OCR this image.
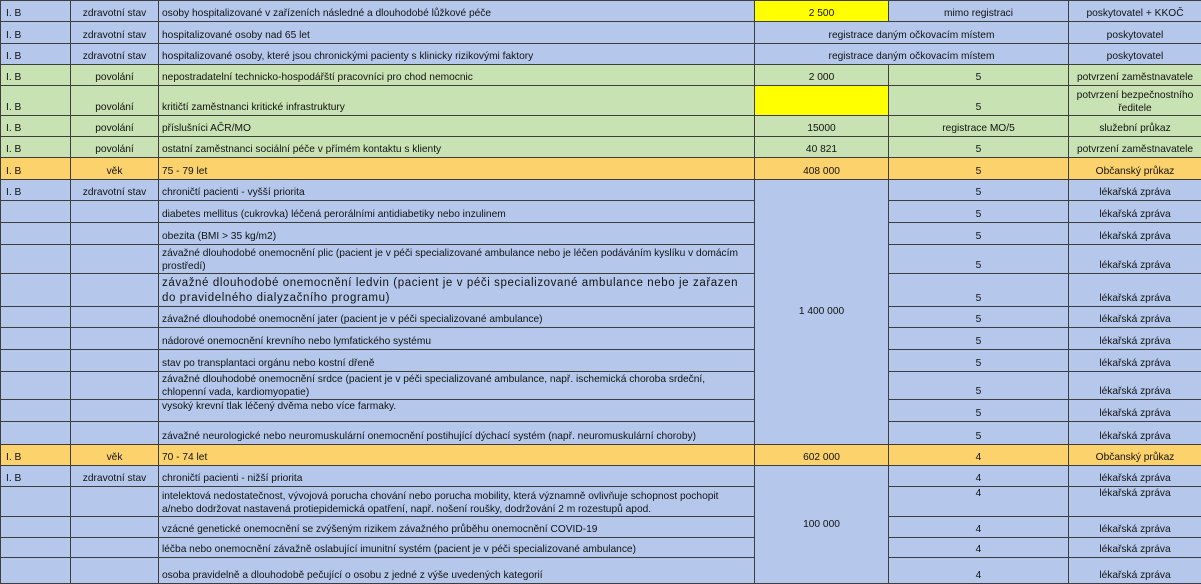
I. B	zdravotní stav	osoby hospitalizované v zařízeních následné a dlouhodobé lůžkové péče	2 500	mimo registraci	poskytovatel + KKOČ
I. B	zdravotní stav	hospitalizované osoby nad 65 let	registrace daným očkovacím místem		poskytovatel
I. B	zdravotní stav	hospitalizované osoby, které jsou chronickými pacienty s klinicky rizikovými faktory	registrace daným očkovacím místem		poskytovatel
I. B	povolání	nepostradatelní technicko-hospodářští pracovníci pro chod nemocnic	2 000	5	potvrzení zaměstnavatele
I. B	povolání	kritičtí zaměstnanci kritické infrastruktury		5	potvrzení bezpečnostního ředitele
I. B	povolání	příslušníci AČR/MO	15000	registrace MO/5	služební průkaz
I. B	povolání	ostatní zaměstnanci sociální péče v přímém kontaktu s klienty	40 821	5	potvrzení zaměstnavatele
I. B	věk	75 - 79 let	408 000	5	Občanský průkaz
I. B	zdravotní stav	chroničtí pacienti - vyšší priorita	1 400 000	5	lékařská zpráva
		diabetes mellitus (cukrovka) léčená perorálními antidiabetiky nebo inzulinem		5	lékařská zpráva
		obezita (BMI > 35 kg/m2)		5	lékařská zpráva
		závažné dlouhodobé onemocnění plic (pacient je v péči specializované ambulance nebo je léčen podáváním kyslíku v domácím prostředí)		5	lékařská zpráva
		závažné dlouhodobé onemocnění ledvin (pacient je v péči specializované ambulance nebo je zařazen do pravidelného dialyzačního programu)		5	lékařská zpráva
		závažné dlouhodobé onemocnění jater (pacient je v péči specializované ambulance)		5	lékařská zpráva
		nádorové onemocnění krevního nebo lymfatického systému		5	lékařská zpráva
		stav po transplantaci orgánu nebo kostní dřeně		5	lékařská zpráva
		závažné dlouhodobé onemocnění srdce (pacient je v péči specializované ambulance, např. ischemická choroba srdeční, chlopenní vada, kardiomyopatie)		5	lékařská zpráva
		vysoký krevní tlak léčený dvěma nebo více farmaky.		5	lékařská zpráva
		závažné neurologické nebo neuromuskulární onemocnění postihující dýchací systém (např. neuromuskulární choroby)		5	lékařská zpráva
I. B	věk	70 - 74 let	602 000	4	Občanský průkaz
I. B	zdravotní stav	chroničtí pacienti - nižší priorita	100 000	4	lékařská zpráva
		intelektová nedostatečnost, vývojová porucha chování nebo porucha mobility, která významně ovlivňuje schopnost pochopit a/nebo dodržovat nastavená protiepidemická opatření, např. nošení roušky, dodržování 2 m rozestupů apod.		4	lékařská zpráva
		vzácné genetické onemocnění se zvýšeným rizikem závažného průběhu onemocnění COVID-19		4	lékařská zpráva
		léčba nebo onemocnění závažně oslabující imunitní systém (pacient je v péči specializované ambulance)		4	lékařská zpráva
		osoba pravidelně a dlouhodobě pečující o osobu z jedné z výše uvedených kategorií		4	lékařská zpráva
